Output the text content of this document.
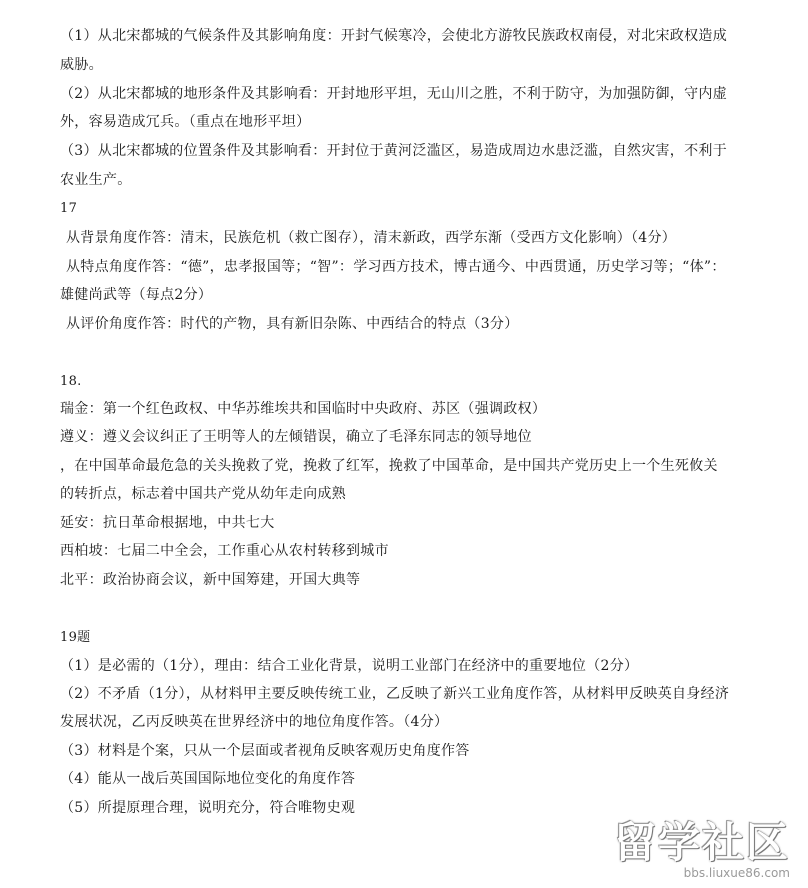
（1）从北宋都城的气候条件及其影响角度：开封气候寒冷，会使北方游牧民族政权南侵，对北宋政权造成
威胁。
（2）从北宋都城的地形条件及其影响看：开封地形平坦，无山川之胜，不利于防守，为加强防御，守内虚
外，容易造成冗兵。（重点在地形平坦）
（3）从北宋都城的位置条件及其影响看：开封位于黄河泛滥区，易造成周边水患泛滥，自然灾害，不利于
农业生产。
17
从背景角度作答：清末，民族危机（救亡图存），清末新政，西学东渐（受西方文化影响）（4分）
从特点角度作答：“德”，忠孝报国等；“智”：学习西方技术，博古通今、中西贯通，历史学习等；“体”：
雄健尚武等（每点2分）
从评价角度作答：时代的产物，具有新旧杂陈、中西结合的特点（3分）
18.
瑞金：第一个红色政权、中华苏维埃共和国临时中央政府、苏区（强调政权）
遵义：遵义会议纠正了王明等人的左倾错误，确立了毛泽东同志的领导地位
，在中国革命最危急的关头挽救了党，挽救了红军，挽救了中国革命，是中国共产党历史上一个生死攸关
的转折点，标志着中国共产党从幼年走向成熟
延安：抗日革命根据地，中共七大
西柏坡：七届二中全会，工作重心从农村转移到城市
北平：政治协商会议，新中国筹建，开国大典等
19题
（1）是必需的（1分），理由：结合工业化背景，说明工业部门在经济中的重要地位（2分）
（2）不矛盾（1分），从材料甲主要反映传统工业，乙反映了新兴工业角度作答，从材料甲反映英自身经济
发展状况，乙丙反映英在世界经济中的地位角度作答。（4分）
（3）材料是个案，只从一个层面或者视角反映客观历史角度作答
（4）能从一战后英国国际地位变化的角度作答
（5）所提原理合理，说明充分，符合唯物史观
留学社区
bbs.liuxue86.com
